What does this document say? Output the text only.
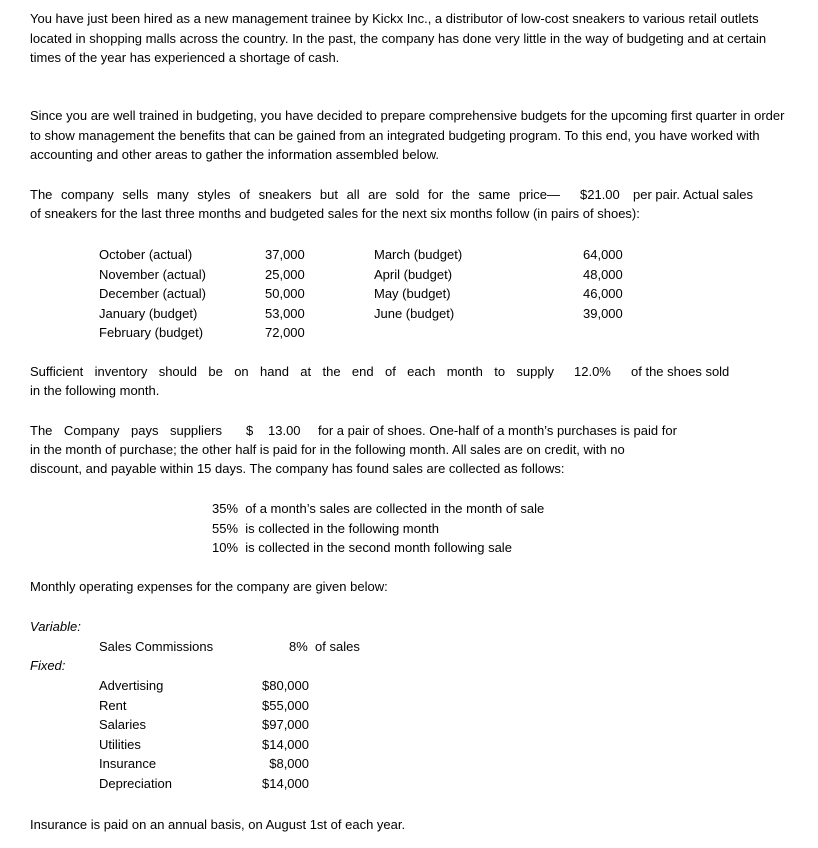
You have just been hired as a new management trainee by Kickx Inc., a distributor of low-cost sneakers to various retail outlets located in shopping malls across the country. In the past, the company has done very little in the way of budgeting and at certain times of the year has experienced a shortage of cash.
Since you are well trained in budgeting, you have decided to prepare comprehensive budgets for the upcoming first quarter in order to show management the benefits that can be gained from an integrated budgeting program. To this end, you have worked with accounting and other areas to gather the information assembled below.
The company sells many styles of sneakers but all are sold for the same price— $21.00 per pair. Actual sales
of sneakers for the last three months and budgeted sales for the next six months follow (in pairs of shoes):
October (actual)
November (actual)
December (actual)
January (budget)
February (budget)
37,000
25,000
50,000
53,000
72,000
March (budget)
April (budget)
May (budget)
June (budget)
64,000
48,000
46,000
39,000
Sufficient inventory should be on hand at the end of each month to supply 12.0% of the shoes sold
in the following month.
The Company pays suppliers $ 13.00 for a pair of shoes. One-half of a month’s purchases is paid for
in the month of purchase; the other half is paid for in the following month. All sales are on credit, with no
discount, and payable within 15 days. The company has found sales are collected as follows:
35% of a month’s sales are collected in the month of sale
55% is collected in the following month
10% is collected in the second month following sale
Monthly operating expenses for the company are given below:
Variable:
Sales Commissions	8% of sales
Fixed:
Advertising
Rent
Salaries
Utilities
Insurance
Depreciation
$80,000
$55,000
$97,000
$14,000
$8,000
$14,000
Insurance is paid on an annual basis, on August 1st of each year.
